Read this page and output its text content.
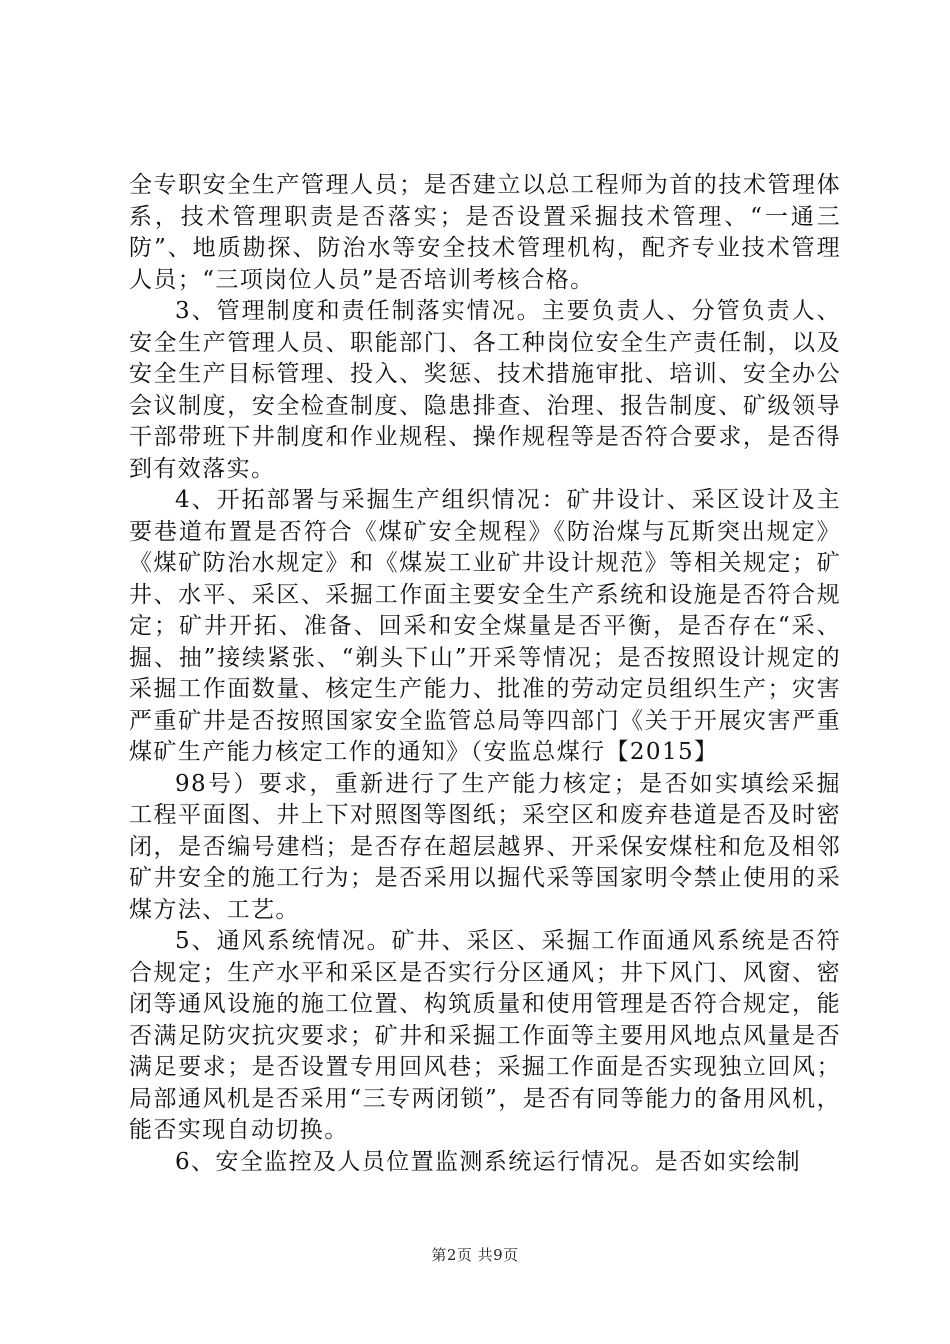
全专职安全生产管理人员；是否建立以总工程师为首的技术管理体系，技术管理职责是否落实；是否设置采掘技术管理、“一通三防”、地质勘探、防治水等安全技术管理机构，配齐专业技术管理人员；“三项岗位人员”是否培训考核合格。

3、管理制度和责任制落实情况。主要负责人、分管负责人、安全生产管理人员、职能部门、各工种岗位安全生产责任制，以及安全生产目标管理、投入、奖惩、技术措施审批、培训、安全办公会议制度，安全检查制度、隐患排查、治理、报告制度、矿级领导干部带班下井制度和作业规程、操作规程等是否符合要求，是否得到有效落实。

4、开拓部署与采掘生产组织情况：矿井设计、采区设计及主要巷道布置是否符合《煤矿安全规程》《防治煤与瓦斯突出规定》《煤矿防治水规定》和《煤炭工业矿井设计规范》等相关规定；矿井、水平、采区、采掘工作面主要安全生产系统和设施是否符合规定；矿井开拓、准备、回采和安全煤量是否平衡，是否存在“采、掘、抽”接续紧张、“剃头下山”开采等情况；是否按照设计规定的采掘工作面数量、核定生产能力、批准的劳动定员组织生产；灾害严重矿井是否按照国家安全监管总局等四部门《关于开展灾害严重煤矿生产能力核定工作的通知》（安监总煤行【2015】

98号）要求，重新进行了生产能力核定；是否如实填绘采掘工程平面图、井上下对照图等图纸；采空区和废弃巷道是否及时密闭，是否编号建档；是否存在超层越界、开采保安煤柱和危及相邻矿井安全的施工行为；是否采用以掘代采等国家明令禁止使用的采煤方法、工艺。

5、通风系统情况。矿井、采区、采掘工作面通风系统是否符合规定；生产水平和采区是否实行分区通风；井下风门、风窗、密闭等通风设施的施工位置、构筑质量和使用管理是否符合规定，能否满足防灾抗灾要求；矿井和采掘工作面等主要用风地点风量是否满足要求；是否设置专用回风巷；采掘工作面是否实现独立回风；局部通风机是否采用“三专两闭锁”，是否有同等能力的备用风机，能否实现自动切换。

6、安全监控及人员位置监测系统运行情况。是否如实绘制

第2页 共9页
